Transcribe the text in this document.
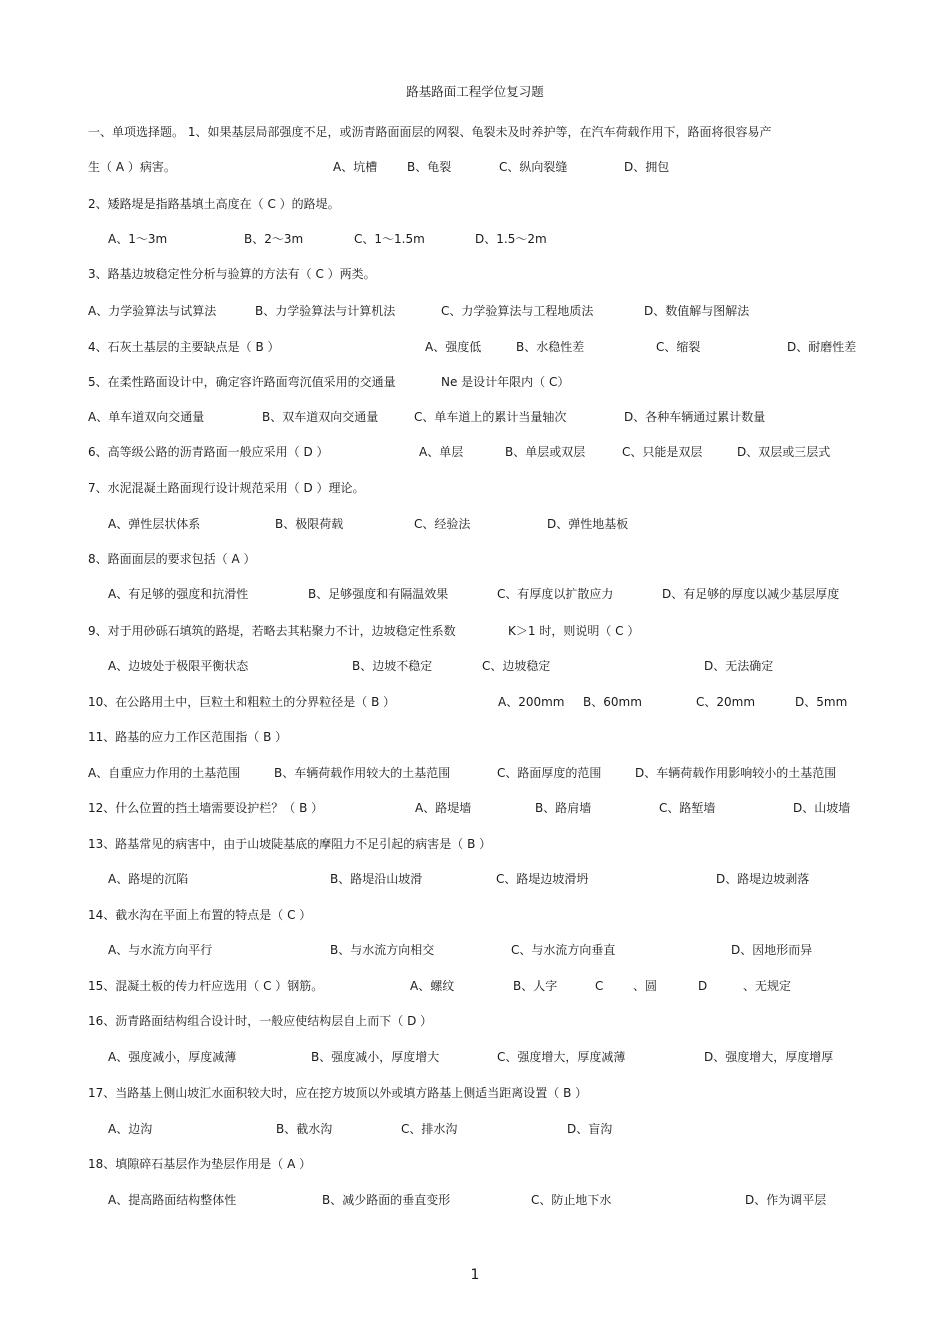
路基路面工程学位复习题
一、单项选择题。 1、如果基层局部强度不足，或沥青路面面层的网裂、龟裂未及时养护等，在汽车荷载作用下，路面将很容易产
生（ A ）病害。	A、坑槽 B、龟裂	C、纵向裂缝	D、拥包
2、矮路堤是指路基填土高度在（ C ）的路堤。
A、1～3m	B、2～3m	C、1～1.5m	D、1.5～2m
3、路基边坡稳定性分析与验算的方法有（ C ）两类。
A、力学验算法与试算法	B、力学验算法与计算机法	C、力学验算法与工程地质法	D、数值解与图解法
4、石灰土基层的主要缺点是（ B ）	A、强度低	B、水稳性差	C、缩裂	D、耐磨性差
5、在柔性路面设计中，确定容许路面弯沉值采用的交通量	Ne 是设计年限内（ C）
A、单车道双向交通量	B、双车道双向交通量	C、单车道上的累计当量轴次	D、各种车辆通过累计数量
6、高等级公路的沥青路面一般应采用（ D ）	A、单层	B、单层或双层	C、只能是双层	D、双层或三层式
7、水泥混凝土路面现行设计规范采用（ D ）理论。
A、弹性层状体系	B、极限荷载	C、经验法	D、弹性地基板
8、路面面层的要求包括（ A ）
A、有足够的强度和抗滑性	B、足够强度和有隔温效果	C、有厚度以扩散应力	D、有足够的厚度以减少基层厚度
9、对于用砂砾石填筑的路堤，若略去其粘聚力不计，边坡稳定性系数	K＞1 时，则说明（ C ）
A、边坡处于极限平衡状态	B、边坡不稳定	C、边坡稳定	D、无法确定
10、在公路用土中，巨粒土和粗粒土的分界粒径是（ B ）	A、200mm B、60mm	C、20mm	D、5mm
11、路基的应力工作区范围指（ B ）
A、自重应力作用的土基范围	B、车辆荷载作用较大的土基范围	C、路面厚度的范围	D、车辆荷载作用影响较小的土基范围
12、什么位置的挡土墙需要设护栏？（ B ）	A、路堤墙	B、路肩墙	C、路堑墙	D、山坡墙
13、路基常见的病害中，由于山坡陡基底的摩阻力不足引起的病害是（ B ）
A、路堤的沉陷	B、路堤沿山坡滑	C、路堤边坡滑坍	D、路堤边坡剥落
14、截水沟在平面上布置的特点是（ C ）
A、与水流方向平行	B、与水流方向相交	C、与水流方向垂直	D、因地形而异
15、混凝土板的传力杆应选用（ C ）钢筋。	A、螺纹	B、人字	C 、圆	D	、无规定
16、沥青路面结构组合设计时，一般应使结构层自上而下（ D ）
A、强度减小，厚度减薄	B、强度减小，厚度增大	C、强度增大，厚度减薄	D、强度增大，厚度增厚
17、当路基上侧山坡汇水面积较大时，应在挖方坡顶以外或填方路基上侧适当距离设置（ B ）
A、边沟	B、截水沟	C、排水沟	D、盲沟
18、填隙碎石基层作为垫层作用是（ A ）
A、提高路面结构整体性	B、减少路面的垂直变形	C、防止地下水	D、作为调平层
1
